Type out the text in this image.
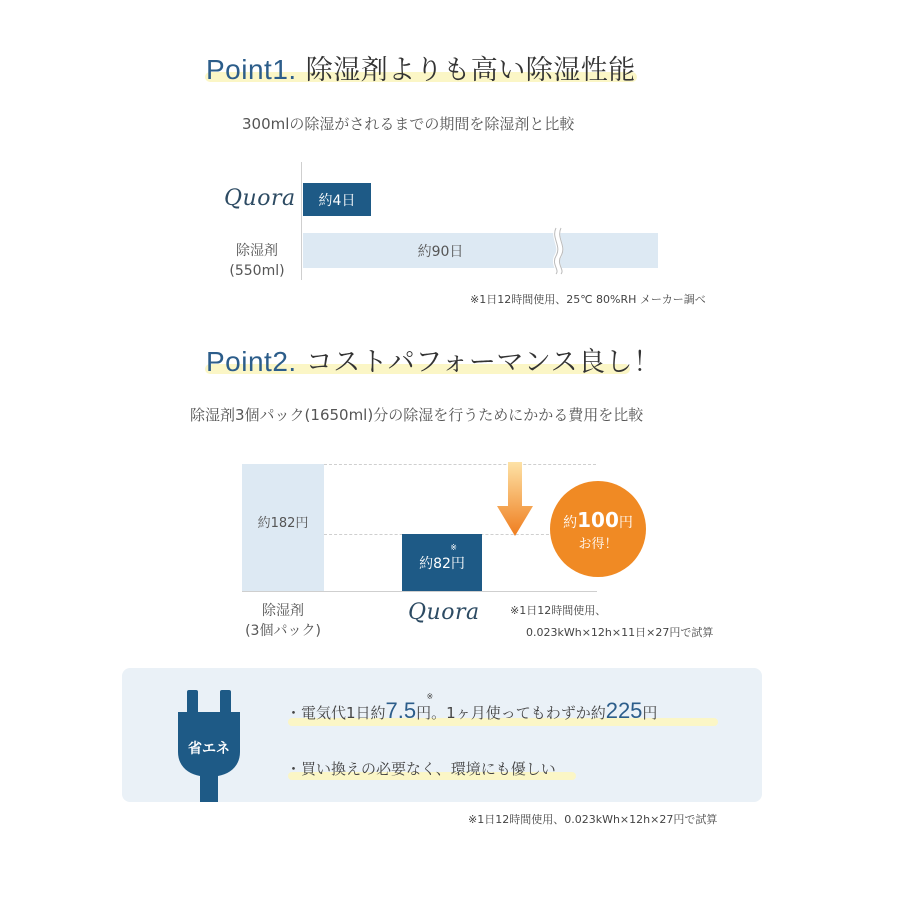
Point1. 除湿剤よりも高い除湿性能
300mlの除湿がされるまでの期間を除湿剤と比較
Quora 約4日
除湿剤
(550ml)
約90日
※1日12時間使用、25℃ 80%RH メーカー調べ
Point2. コストパフォーマンス良し！
除湿剤3個パック(1650ml)分の除湿を行うためにかかる費用を比較
約182円
約82円
※
約100円
お得！
除湿剤
(3個パック)
Quora	※1日12時間使用、
0.023kWh×12h×11日×27円で試算
省エネ
・電気代1日約7.5円
※
。1ヶ月使ってもわずか約225円
・買い換えの必要なく、環境にも優しい
※1日12時間使用、0.023kWh×12h×27円で試算
